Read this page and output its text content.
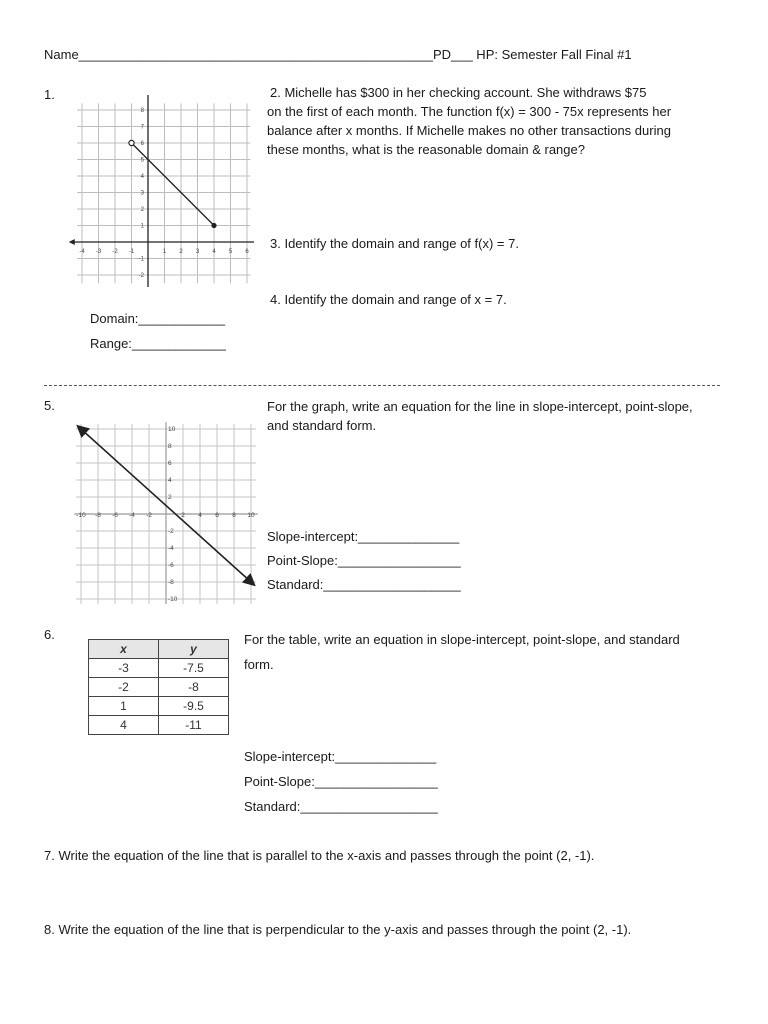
Name_________________________________________________PD___ HP: Semester Fall Final #1
1.
-4 -3 -2 -1	1 2 3 4 5 6
8
7
6
5
4
3
2
1
-1
-2
Domain:____________
Range:_____________
2. Michelle has $300 in her checking account. She withdraws $75
on the first of each month. The function f(x) = 300 - 75x represents her
balance after x months. If Michelle makes no other transactions during
these months, what is the reasonable domain & range?
3. Identify the domain and range of f(x) = 7.
4. Identify the domain and range of x = 7.
5.
-10 -8 -6 -4 -2	2 4 6 8 10
10
8
6
4
2
-2
-4
-6
-8
-10
For the graph, write an equation for the line in slope-intercept, point-slope,
and standard form.
Slope-intercept:______________
Point-Slope:_________________
Standard:___________________
6.
x	y
-3	-7.5
-2	-8
1	-9.5
4	-11
For the table, write an equation in slope-intercept, point-slope, and standard
form.
Slope-intercept:______________
Point-Slope:_________________
Standard:___________________
7. Write the equation of the line that is parallel to the x-axis and passes through the point (2, -1).
8. Write the equation of the line that is perpendicular to the y-axis and passes through the point (2, -1).
